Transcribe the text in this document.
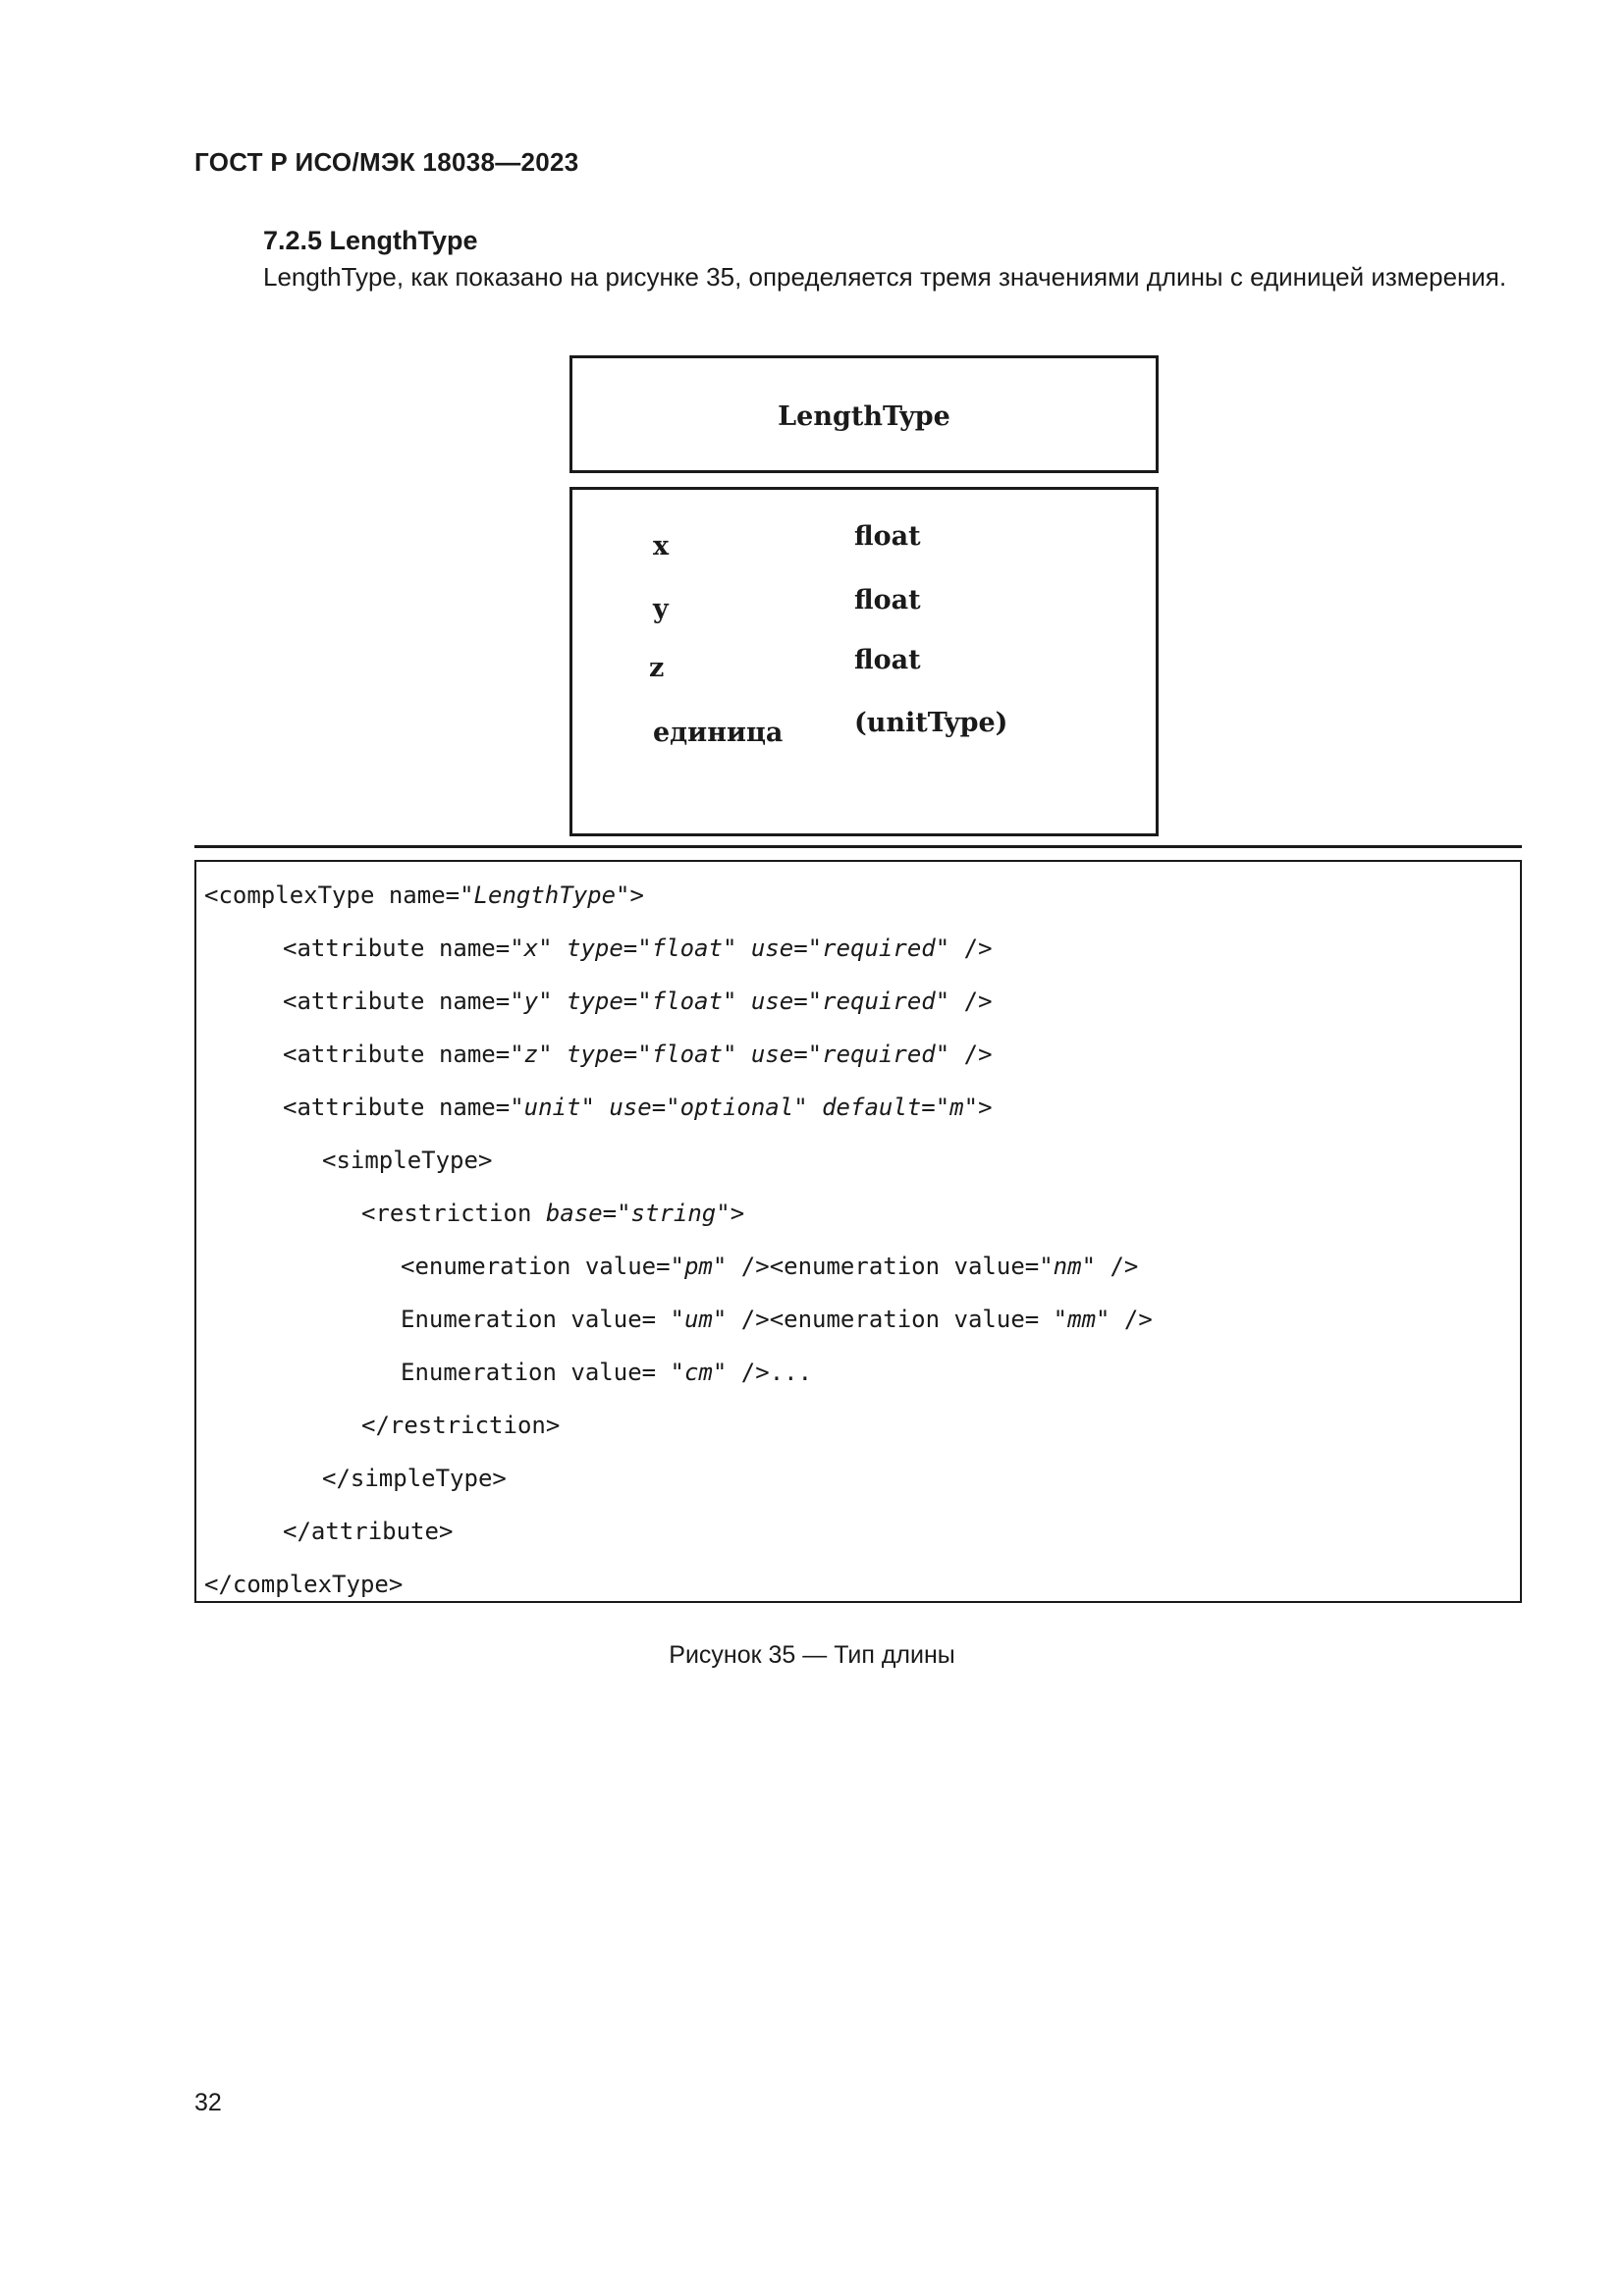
ГОСТ Р ИСО/МЭК 18038—2023
7.2.5 LengthType
LengthType, как показано на рисунке 35, определяется тремя значениями длины с единицей измерения.
LengthType
x	float
y	float
z	float
единица	(unitType)
<complexType name="LengthType">
<attribute name="x" type="float" use="required" />
<attribute name="y" type="float" use="required" />
<attribute name="z" type="float" use="required" />
<attribute name="unit" use="optional" default="m">
<simpleType>
<restriction base="string">
<enumeration value="pm" /><enumeration value="nm" />
Enumeration value= "um" /><enumeration value= "mm" />
Enumeration value= "cm" />...
</restriction>
</simpleType>
</attribute>
</complexType>
Рисунок 35 — Тип длины
32
